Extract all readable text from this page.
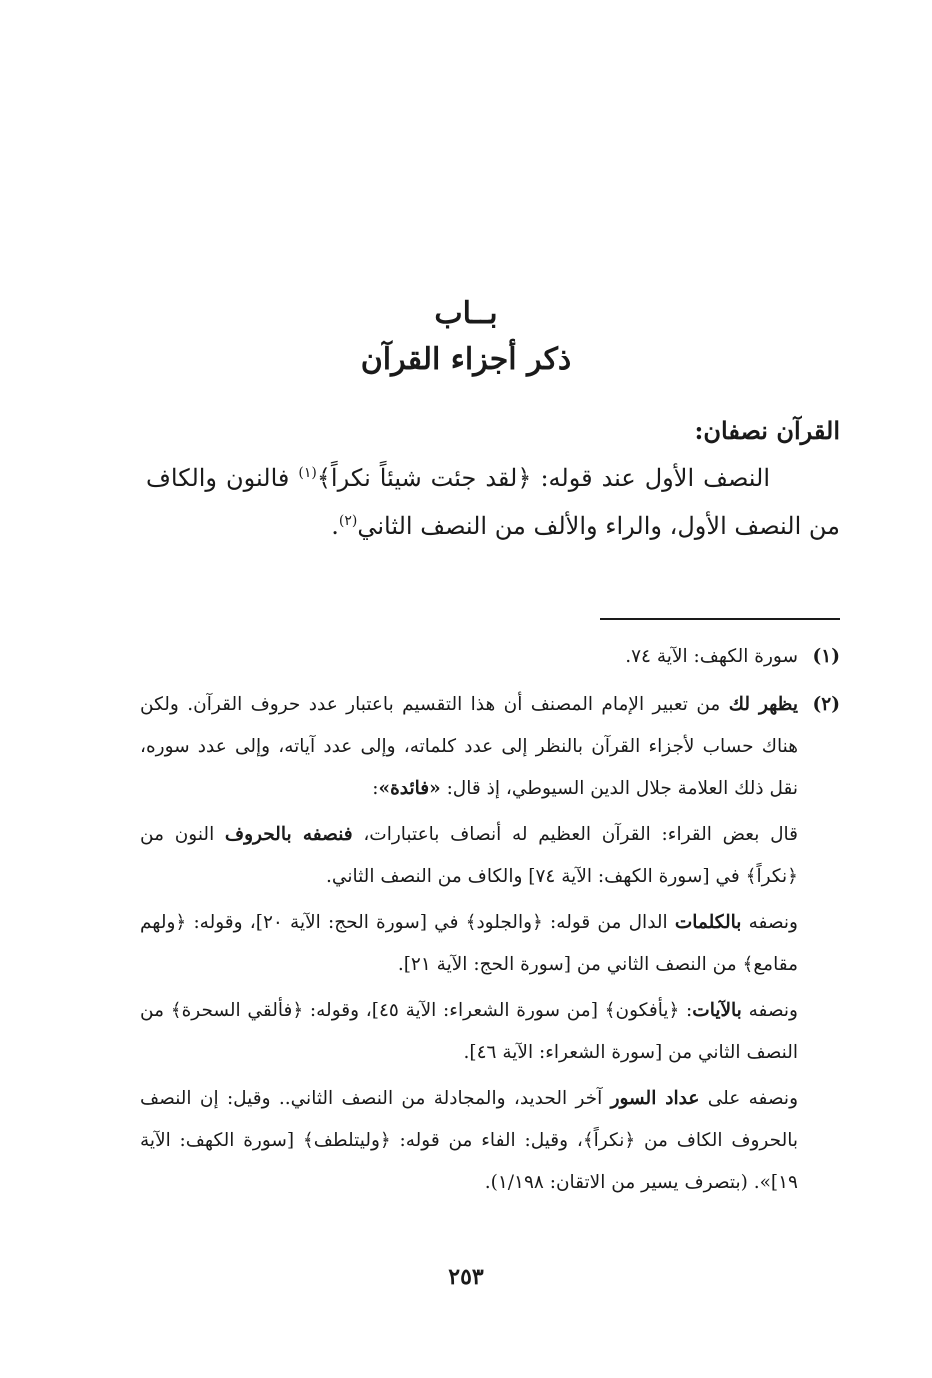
بــاب
ذكر أجزاء القرآن
القرآن نصفان:

النصف الأول عند قوله: ﴿لقد جئت شيئاً نكراً﴾$^{(١)}$ فالنون والكاف من النصف الأول، والراء والألف من النصف الثاني$^{(٢)}$.

(١)
سورة الكهف: الآية ٧٤.
(٢)

يظهر لك من تعبير الإمام المصنف أن هذا التقسيم باعتبار عدد حروف القرآن. ولكن هناك حساب لأجزاء القرآن بالنظر إلى عدد كلماته، وإلى عدد آياته، وإلى عدد سوره، نقل ذلك العلامة جلال الدين السيوطي، إذ قال: «فائدة»:

قال بعض القراء: القرآن العظيم له أنصاف باعتبارات، فنصفه بالحروف النون من ﴿نكراً﴾ في [سورة الكهف: الآية ٧٤] والكاف من النصف الثاني.

ونصفه بالكلمات الدال من قوله: ﴿والجلود﴾ في [سورة الحج: الآية ٢٠]، وقوله: ﴿ولهم مقامع﴾ من النصف الثاني من [سورة الحج: الآية ٢١].

ونصفه بالآيات: ﴿يأفكون﴾ [من سورة الشعراء: الآية ٤٥]، وقوله: ﴿فألقي السحرة﴾ من النصف الثاني من [سورة الشعراء: الآية ٤٦].

ونصفه على عداد السور آخر الحديد، والمجادلة من النصف الثاني.. وقيل: إن النصف بالحروف الكاف من ﴿نكراً﴾، وقيل: الفاء من قوله: ﴿وليتلطف﴾ [سورة الكهف: الآية ١٩]». (بتصرف يسير من الاتقان: ١/١٩٨).

٢٥٣
